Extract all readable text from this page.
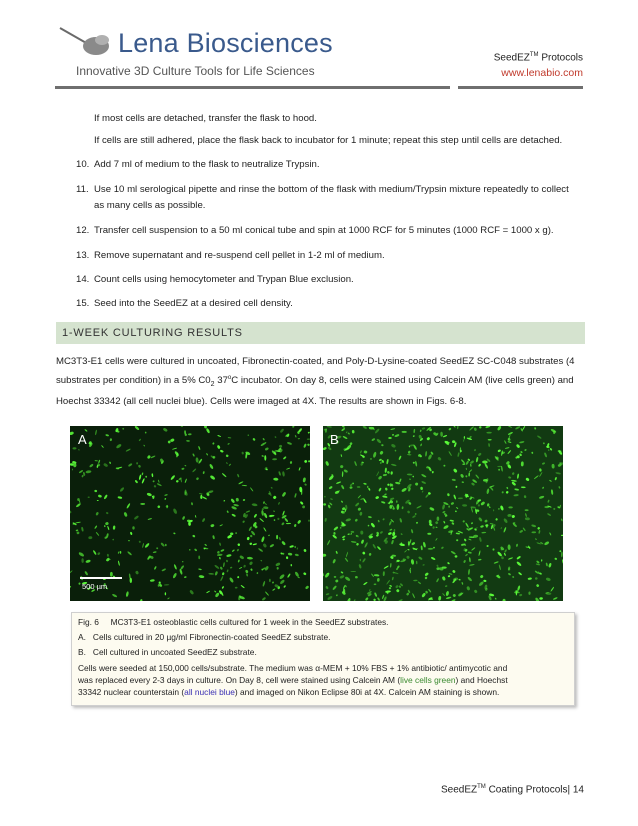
Lena Biosciences
Innovative 3D Culture Tools for Life Sciences
SeedEZ™ Protocols
www.lenabio.com
If most cells are detached, transfer the flask to hood.
If cells are still adhered, place the flask back to incubator for 1 minute; repeat this step until cells are detached.
10. Add 7 ml of medium to the flask to neutralize Trypsin.
11. Use 10 ml serological pipette and rinse the bottom of the flask with medium/Trypsin mixture repeatedly to collect
as many cells as possible.
12. Transfer cell suspension to a 50 ml conical tube and spin at 1000 RCF for 5 minutes (1000 RCF = 1000 x g).
13. Remove supernatant and re-suspend cell pellet in 1-2 ml of medium.
14. Count cells using hemocytometer and Trypan Blue exclusion.
15. Seed into the SeedEZ at a desired cell density.
1-WEEK CULTURING RESULTS
MC3T3-E1 cells were cultured in uncoated, Fibronectin-coated, and Poly-D-Lysine-coated SeedEZ SC-C048 substrates (4
substrates per condition) in a 5% $C0_2$ 37$^o$C incubator. On day 8, cells were stained using Calcein AM (live cells green) and
Hoechst 33342 (all cell nuclei blue). Cells were imaged at 4X. The results are shown in Figs. 6-8.
A	B
500 µm
Fig. 6 MC3T3-E1 osteoblastic cells cultured for 1 week in the SeedEZ substrates.
A. Cells cultured in 20 µg/ml Fibronectin-coated SeedEZ substrate.
B. Cell cultured in uncoated SeedEZ substrate.
Cells were seeded at 150,000 cells/substrate. The medium was α-MEM + 10% FBS + 1% antibiotic/ antimycotic and
was replaced every 2-3 days in culture. On Day 8, cell were stained using Calcein AM (live cells green) and Hoechst
33342 nuclear counterstain (all nuclei blue) and imaged on Nikon Eclipse 80i at 4X. Calcein AM staining is shown.
SeedEZ™ Coating Protocols| 14
